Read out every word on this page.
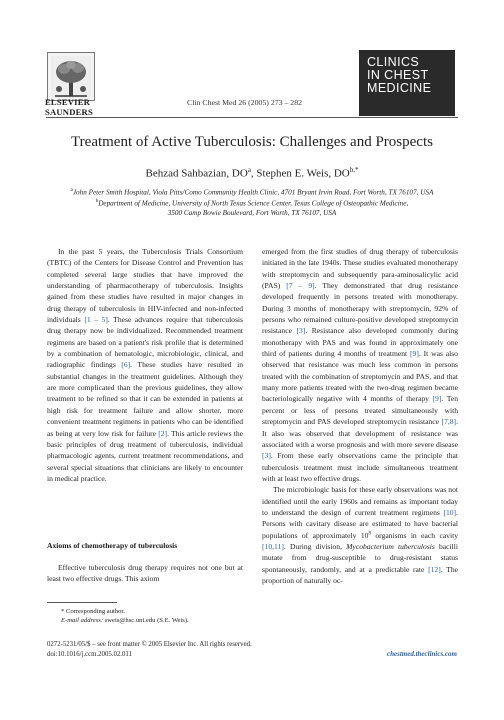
ELSEVIER
SAUNDERS
Clin Chest Med 26 (2005) 273 – 282
CLINICS
IN CHEST
MEDICINE
Treatment of Active Tuberculosis: Challenges and Prospects
Behzad Sahbazian, $DO^a$, Stephen E. Weis, $DO^{b,*}$
$^a$John Peter Smith Hospital, Viola Pitts/Como Community Health Clinic, 4701 Bryant Irvin Road, Fort Worth, TX 76107, USA
$^b$Department of Medicine, University of North Texas Science Center, Texas College of Osteopathic Medicine,
3500 Camp Bowie Boulevard, Fort Worth, TX 76107, USA

In the past 5 years, the Tuberculosis Trials Consortium (TBTC) of the Centers for Disease Control and Prevention has completed several large studies that have improved the understanding of pharmacotherapy of tuberculosis. Insights gained from these studies have resulted in major changes in drug therapy of tuberculosis in HIV-infected and non-infected individuals [1 – 5]. These advances require that tuberculosis drug therapy now be individualized. Recommended treatment regimens are based on a patient's risk profile that is determined by a combination of hematologic, microbiologic, clinical, and radiographic findings [6]. These studies have resulted in substantial changes in the treatment guidelines. Although they are more complicated than the previous guidelines, they allow treatment to be refined so that it can be extended in patients at high risk for treatment failure and allow shorter, more convenient treatment regimens in patients who can be identified as being at very low risk for failure [2]. This article reviews the basic principles of drug treatment of tuberculosis, individual pharmacologic agents, current treatment recommendations, and several special situations that clinicians are likely to encounter in medical practice.

Axioms of chemotherapy of tuberculosis
Effective tuberculosis drug therapy requires not one but at least two effective drugs. This axiom

emerged from the first studies of drug therapy of tuberculosis initiated in the late 1940s. These studies evaluated monotherapy with streptomycin and subsequently para-aminosalicylic acid (PAS) [7 – 9]. They demonstrated that drug resistance developed frequently in persons treated with monotherapy. During 3 months of monotherapy with streptomycin, 92% of persons who remained culture-positive developed streptomycin resistance [3]. Resistance also developed commonly during monotherapy with PAS and was found in approximately one third of patients during 4 months of treatment [9]. It was also observed that resistance was much less common in persons treated with the combination of streptomycin and PAS, and that many more patients treated with the two-drug regimen became bacteriologically negative with 4 months of therapy [9]. Ten percent or less of persons treated simultaneously with streptomycin and PAS developed streptomycin resistance [7,8]. It also was observed that development of resistance was associated with a worse prognosis and with more severe disease [3]. From these early observations came the principle that tuberculosis treatment must include simultaneous treatment with at least two effective drugs.

The microbiologic basis for these early observations was not identified until the early 1960s and remains as important today to understand the design of current treatment regimens [10]. Persons with cavitary disease are estimated to have bacterial populations of approximately $10^8$ organisms in each cavity [10,11]. During division, Mycobacterium tuberculosis bacilli mutate from drug-susceptible to drug-resistant status spontaneously, randomly, and at a predictable rate [12]. The proportion of naturally oc-

* Corresponding author.
E-mail address: sweis@hsc.unt.edu (S.E. Weis).
0272-5231/05/$ – see front matter © 2005 Elsevier Inc. All rights reserved.
doi:10.1016/j.ccm.2005.02.011	chestmed.theclinics.com
